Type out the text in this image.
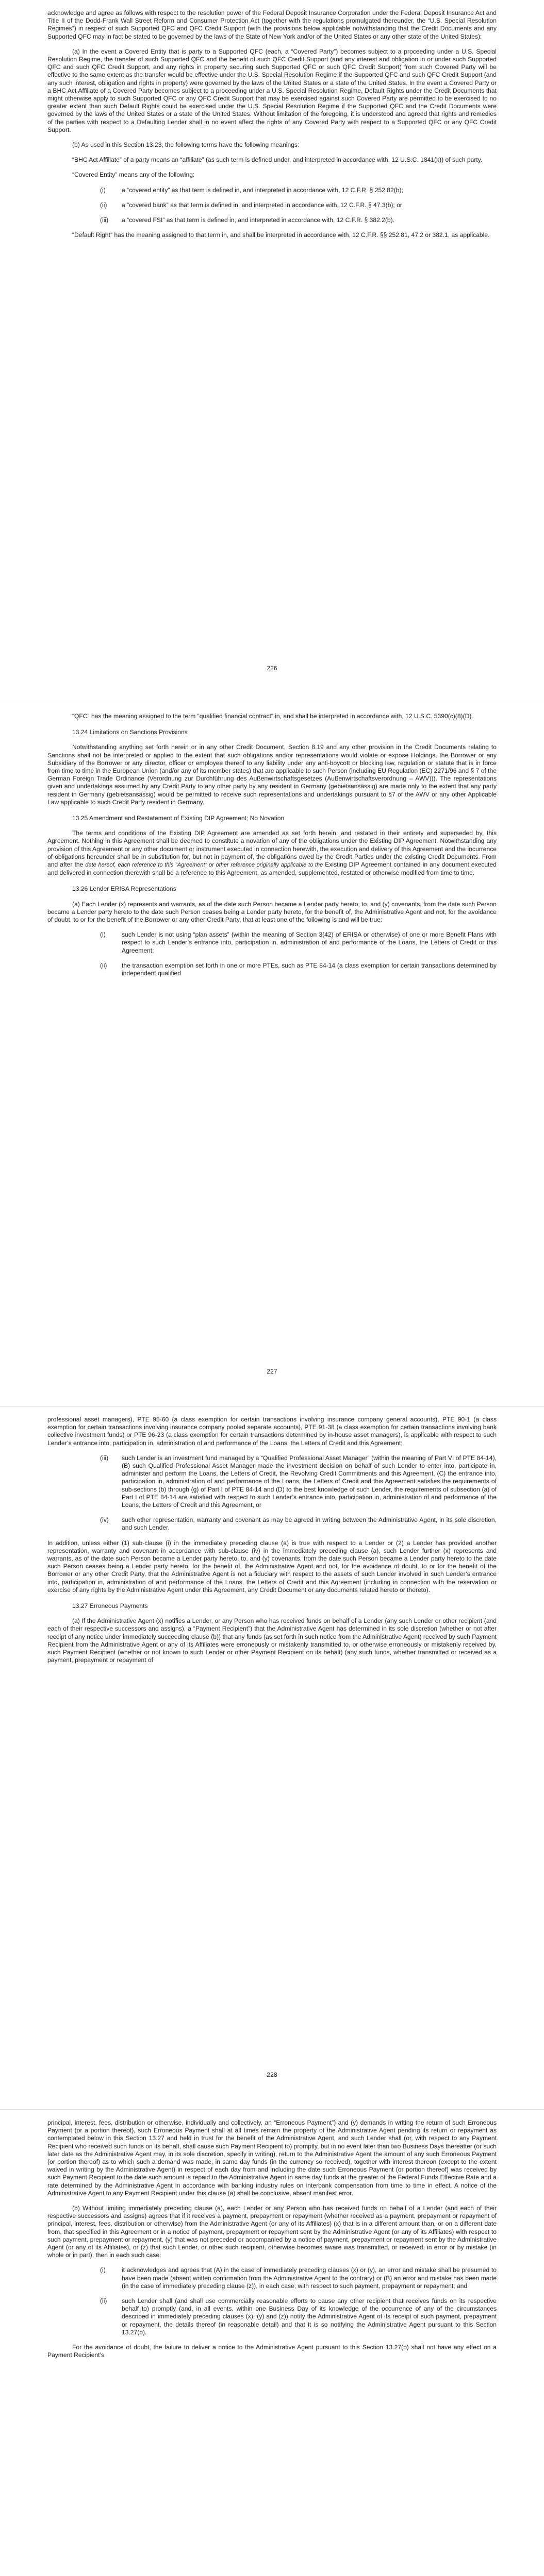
acknowledge and agree as follows with respect to the resolution power of the Federal Deposit Insurance Corporation under the Federal Deposit Insurance Act and Title II of the Dodd-Frank Wall Street Reform and Consumer Protection Act (together with the regulations promulgated thereunder, the “U.S. Special Resolution Regimes”) in respect of such Supported QFC and QFC Credit Support (with the provisions below applicable notwithstanding that the Credit Documents and any Supported QFC may in fact be stated to be governed by the laws of the State of New York and/or of the United States or any other state of the United States):

(a) In the event a Covered Entity that is party to a Supported QFC (each, a “Covered Party”) becomes subject to a proceeding under a U.S. Special Resolution Regime, the transfer of such Supported QFC and the benefit of such QFC Credit Support (and any interest and obligation in or under such Supported QFC and such QFC Credit Support, and any rights in property securing such Supported QFC or such QFC Credit Support) from such Covered Party will be effective to the same extent as the transfer would be effective under the U.S. Special Resolution Regime if the Supported QFC and such QFC Credit Support (and any such interest, obligation and rights in property) were governed by the laws of the United States or a state of the United States. In the event a Covered Party or a BHC Act Affiliate of a Covered Party becomes subject to a proceeding under a U.S. Special Resolution Regime, Default Rights under the Credit Documents that might otherwise apply to such Supported QFC or any QFC Credit Support that may be exercised against such Covered Party are permitted to be exercised to no greater extent than such Default Rights could be exercised under the U.S. Special Resolution Regime if the Supported QFC and the Credit Documents were governed by the laws of the United States or a state of the United States. Without limitation of the foregoing, it is understood and agreed that rights and remedies of the parties with respect to a Defaulting Lender shall in no event affect the rights of any Covered Party with respect to a Supported QFC or any QFC Credit Support.

(b) As used in this Section 13.23, the following terms have the following meanings:

“BHC Act Affiliate” of a party means an “affiliate” (as such term is defined under, and interpreted in accordance with, 12 U.S.C. 1841(k)) of such party.

“Covered Entity” means any of the following:

(i)	a “covered entity” as that term is defined in, and interpreted in accordance with, 12 C.F.R. § 252.82(b);

(ii) a “covered bank” as that term is defined in, and interpreted in accordance with, 12 C.F.R. § 47.3(b); or

(iii) a “covered FSI” as that term is defined in, and interpreted in accordance with, 12 C.F.R. § 382.2(b).

“Default Right” has the meaning assigned to that term in, and shall be interpreted in accordance with, 12 C.F.R. §§ 252.81, 47.2 or 382.1, as applicable.

226

“QFC” has the meaning assigned to the term “qualified financial contract” in, and shall be interpreted in accordance with, 12 U.S.C. 5390(c)(8)(D).

13.24 Limitations on Sanctions Provisions

Notwithstanding anything set forth herein or in any other Credit Document, Section 8.19 and any other provision in the Credit Documents relating to Sanctions shall not be interpreted or applied to the extent that such obligations and/or representations would violate or expose Holdings, the Borrower or any Subsidiary of the Borrower or any director, officer or employee thereof to any liability under any anti-boycott or blocking law, regulation or statute that is in force from time to time in the European Union (and/or any of its member states) that are applicable to such Person (including EU Regulation (EC) 2271/96 and § 7 of the German Foreign Trade Ordinance (Verordnung zur Durchführung des Außenwirtschaftsgesetzes (Außenwirtschaftsverordnung – AWV))). The representations given and undertakings assumed by any Credit Party to any other party by any resident in Germany (gebietsansässig) are made only to the extent that any party resident in Germany (gebietsansässig) would be permitted to receive such representations and undertakings pursuant to §7 of the AWV or any other Applicable Law applicable to such Credit Party resident in Germany.

13.25 Amendment and Restatement of Existing DIP Agreement; No Novation

The terms and conditions of the Existing DIP Agreement are amended as set forth herein, and restated in their entirety and superseded by, this Agreement. Nothing in this Agreement shall be deemed to constitute a novation of any of the obligations under the Existing DIP Agreement. Notwithstanding any provision of this Agreement or any other document or instrument executed in connection herewith, the execution and delivery of this Agreement and the incurrence of obligations hereunder shall be in substitution for, but not in payment of, the obligations owed by the Credit Parties under the existing Credit Documents. From and after the date hereof, each reference to this “Agreement” or other reference originally applicable to the Existing DIP Agreement contained in any document executed and delivered in connection therewith shall be a reference to this Agreement, as amended, supplemented, restated or otherwise modified from time to time.

13.26 Lender ERISA Representations

(a) Each Lender (x) represents and warrants, as of the date such Person became a Lender party hereto, to, and (y) covenants, from the date such Person became a Lender party hereto to the date such Person ceases being a Lender party hereto, for the benefit of, the Administrative Agent and not, for the avoidance of doubt, to or for the benefit of the Borrower or any other Credit Party, that at least one of the following is and will be true:

(i)	such Lender is not using “plan assets” (within the meaning of Section 3(42) of ERISA or otherwise) of one or more Benefit Plans with respect to such Lender’s entrance into, participation in, administration of and performance of the Loans, the Letters of Credit or this Agreement;

(ii) the transaction exemption set forth in one or more PTEs, such as PTE 84-14 (a class exemption for certain transactions determined by independent qualified

227

professional asset managers), PTE 95-60 (a class exemption for certain transactions involving insurance company general accounts), PTE 90-1 (a class exemption for certain transactions involving insurance company pooled separate accounts), PTE 91-38 (a class exemption for certain transactions involving bank collective investment funds) or PTE 96-23 (a class exemption for certain transactions determined by in-house asset managers), is applicable with respect to such Lender’s entrance into, participation in, administration of and performance of the Loans, the Letters of Credit and this Agreement;

(iii) such Lender is an investment fund managed by a “Qualified Professional Asset Manager” (within the meaning of Part VI of PTE 84-14), (B) such Qualified Professional Asset Manager made the investment decision on behalf of such Lender to enter into, participate in, administer and perform the Loans, the Letters of Credit, the Revolving Credit Commitments and this Agreement, (C) the entrance into, participation in, administration of and performance of the Loans, the Letters of Credit and this Agreement satisfies the requirements of sub-sections (b) through (g) of Part I of PTE 84-14 and (D) to the best knowledge of such Lender, the requirements of subsection (a) of Part I of PTE 84-14 are satisfied with respect to such Lender’s entrance into, participation in, administration of and performance of the Loans, the Letters of Credit and this Agreement, or

(iv) such other representation, warranty and covenant as may be agreed in writing between the Administrative Agent, in its sole discretion, and such Lender.

In addition, unless either (1) sub-clause (i) in the immediately preceding clause (a) is true with respect to a Lender or (2) a Lender has provided another representation, warranty and covenant in accordance with sub-clause (iv) in the immediately preceding clause (a), such Lender further (x) represents and warrants, as of the date such Person became a Lender party hereto, to, and (y) covenants, from the date such Person became a Lender party hereto to the date such Person ceases being a Lender party hereto, for the benefit of, the Administrative Agent and not, for the avoidance of doubt, to or for the benefit of the Borrower or any other Credit Party, that the Administrative Agent is not a fiduciary with respect to the assets of such Lender involved in such Lender’s entrance into, participation in, administration of and performance of the Loans, the Letters of Credit and this Agreement (including in connection with the reservation or exercise of any rights by the Administrative Agent under this Agreement, any Credit Document or any documents related hereto or thereto).

13.27 Erroneous Payments

(a) If the Administrative Agent (x) notifies a Lender, or any Person who has received funds on behalf of a Lender (any such Lender or other recipient (and each of their respective successors and assigns), a “Payment Recipient”) that the Administrative Agent has determined in its sole discretion (whether or not after receipt of any notice under immediately succeeding clause (b)) that any funds (as set forth in such notice from the Administrative Agent) received by such Payment Recipient from the Administrative Agent or any of its Affiliates were erroneously or mistakenly transmitted to, or otherwise erroneously or mistakenly received by, such Payment Recipient (whether or not known to such Lender or other Payment Recipient on its behalf) (any such funds, whether transmitted or received as a payment, prepayment or repayment of

228

principal, interest, fees, distribution or otherwise, individually and collectively, an “Erroneous Payment”) and (y) demands in writing the return of such Erroneous Payment (or a portion thereof), such Erroneous Payment shall at all times remain the property of the Administrative Agent pending its return or repayment as contemplated below in this Section 13.27 and held in trust for the benefit of the Administrative Agent, and such Lender shall (or, with respect to any Payment Recipient who received such funds on its behalf, shall cause such Payment Recipient to) promptly, but in no event later than two Business Days thereafter (or such later date as the Administrative Agent may, in its sole discretion, specify in writing), return to the Administrative Agent the amount of any such Erroneous Payment (or portion thereof) as to which such a demand was made, in same day funds (in the currency so received), together with interest thereon (except to the extent waived in writing by the Administrative Agent) in respect of each day from and including the date such Erroneous Payment (or portion thereof) was received by such Payment Recipient to the date such amount is repaid to the Administrative Agent in same day funds at the greater of the Federal Funds Effective Rate and a rate determined by the Administrative Agent in accordance with banking industry rules on interbank compensation from time to time in effect. A notice of the Administrative Agent to any Payment Recipient under this clause (a) shall be conclusive, absent manifest error.

(b) Without limiting immediately preceding clause (a), each Lender or any Person who has received funds on behalf of a Lender (and each of their respective successors and assigns) agrees that if it receives a payment, prepayment or repayment (whether received as a payment, prepayment or repayment of principal, interest, fees, distribution or otherwise) from the Administrative Agent (or any of its Affiliates) (x) that is in a different amount than, or on a different date from, that specified in this Agreement or in a notice of payment, prepayment or repayment sent by the Administrative Agent (or any of its Affiliates) with respect to such payment, prepayment or repayment, (y) that was not preceded or accompanied by a notice of payment, prepayment or repayment sent by the Administrative Agent (or any of its Affiliates), or (z) that such Lender, or other such recipient, otherwise becomes aware was transmitted, or received, in error or by mistake (in whole or in part), then in each such case:

(i)	it acknowledges and agrees that (A) in the case of immediately preceding clauses (x) or (y), an error and mistake shall be presumed to have been made (absent written confirmation from the Administrative Agent to the contrary) or (B) an error and mistake has been made (in the case of immediately preceding clause (z)), in each case, with respect to such payment, prepayment or repayment; and

(ii) such Lender shall (and shall use commercially reasonable efforts to cause any other recipient that receives funds on its respective behalf to) promptly (and, in all events, within one Business Day of its knowledge of the occurrence of any of the circumstances described in immediately preceding clauses (x), (y) and (z)) notify the Administrative Agent of its receipt of such payment, prepayment or repayment, the details thereof (in reasonable detail) and that it is so notifying the Administrative Agent pursuant to this Section 13.27(b).

For the avoidance of doubt, the failure to deliver a notice to the Administrative Agent pursuant to this Section 13.27(b) shall not have any effect on a Payment Recipient’s
